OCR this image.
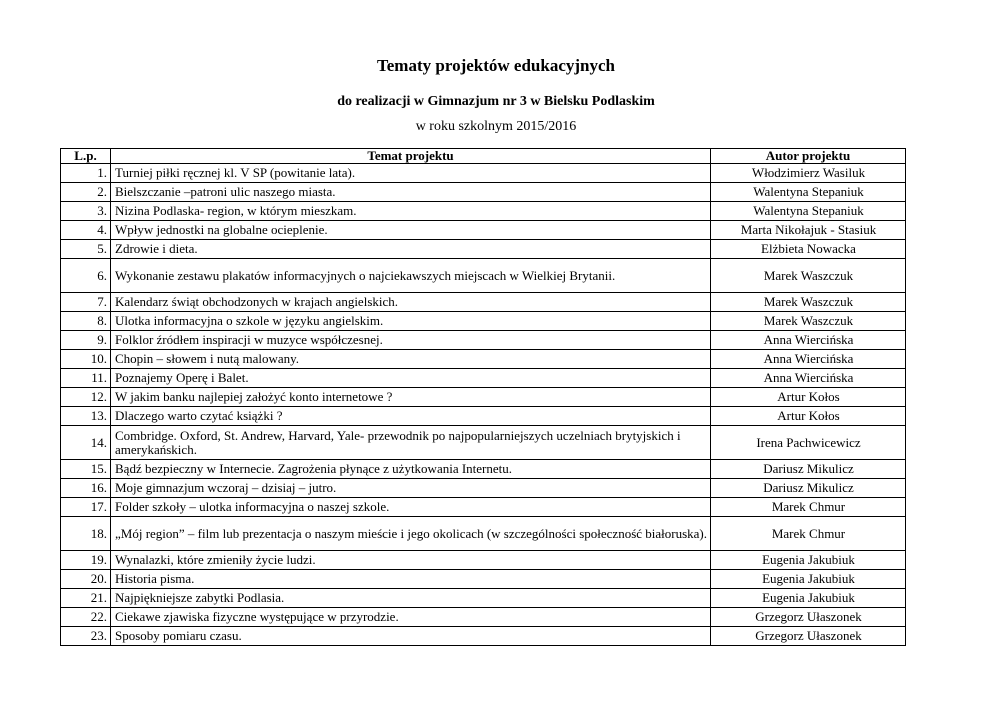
Tematy projektów edukacyjnych
do realizacji w Gimnazjum nr 3 w Bielsku Podlaskim
w roku szkolnym 2015/2016
L.p.	Temat projektu	Autor projektu
1.	Turniej piłki ręcznej kl. V SP (powitanie lata).	Włodzimierz Wasiluk
2.	Bielszczanie –patroni ulic naszego miasta.	Walentyna Stepaniuk
3.	Nizina Podlaska- region, w którym mieszkam.	Walentyna Stepaniuk
4.	Wpływ jednostki na globalne ocieplenie.	Marta Nikołajuk - Stasiuk
5.	Zdrowie i dieta.	Elżbieta Nowacka
6.	Wykonanie zestawu plakatów informacyjnych o najciekawszych miejscach w Wielkiej Brytanii.	Marek Waszczuk
7.	Kalendarz świąt obchodzonych w krajach angielskich.	Marek Waszczuk
8.	Ulotka informacyjna o szkole w języku angielskim.	Marek Waszczuk
9.	Folklor źródłem inspiracji w muzyce współczesnej.	Anna Wiercińska
10.	Chopin – słowem i nutą malowany.	Anna Wiercińska
11.	Poznajemy Operę i Balet.	Anna Wiercińska
12.	W jakim banku najlepiej założyć konto internetowe ?	Artur Kołos
13.	Dlaczego warto czytać książki ?	Artur Kołos
14.	Combridge. Oxford, St. Andrew, Harvard, Yale- przewodnik po najpopularniejszych uczelniach brytyjskich i amerykańskich.	Irena Pachwicewicz
15.	Bądź bezpieczny w Internecie. Zagrożenia płynące z użytkowania Internetu.	Dariusz Mikulicz
16.	Moje gimnazjum wczoraj – dzisiaj – jutro.	Dariusz Mikulicz
17.	Folder szkoły – ulotka informacyjna o naszej szkole.	Marek Chmur
18.	„Mój region” – film lub prezentacja o naszym mieście i jego okolicach (w szczególności społeczność białoruska).	Marek Chmur
19.	Wynalazki, które zmieniły życie ludzi.	Eugenia Jakubiuk
20.	Historia pisma.	Eugenia Jakubiuk
21.	Najpiękniejsze zabytki Podlasia.	Eugenia Jakubiuk
22.	Ciekawe zjawiska fizyczne występujące w przyrodzie.	Grzegorz Ułaszonek
23.	Sposoby pomiaru czasu.	Grzegorz Ułaszonek
